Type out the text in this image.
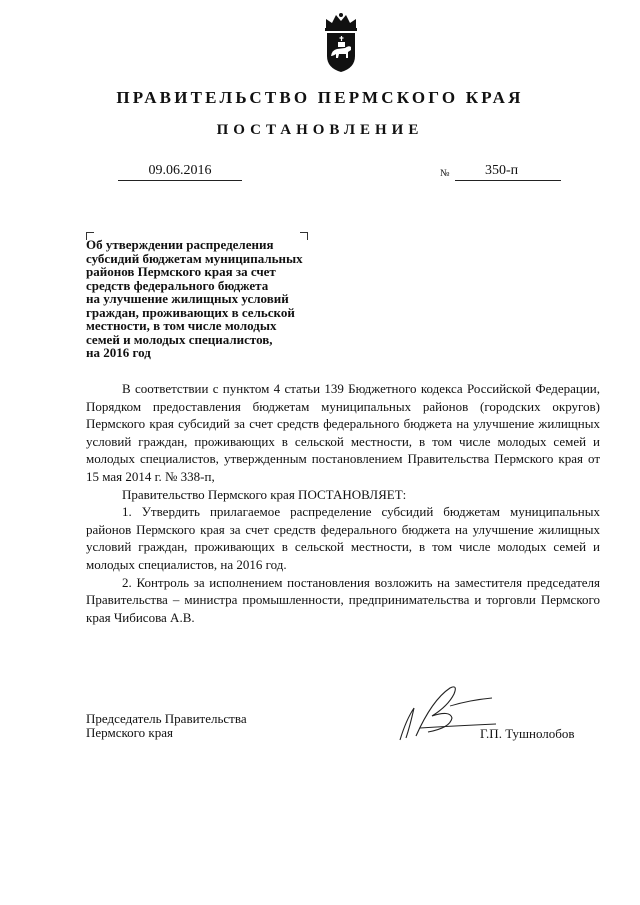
ПРАВИТЕЛЬСТВО ПЕРМСКОГО КРАЯ
ПОСТАНОВЛЕНИЕ
09.06.2016	№	350-п
Об утверждении распределения
субсидий бюджетам муниципальных
районов Пермского края за счет
средств федерального бюджета
на улучшение жилищных условий
граждан, проживающих в сельской
местности, в том числе молодых
семей и молодых специалистов,
на 2016 год

В соответствии с пунктом 4 статьи 139 Бюджетного кодекса Российской Федерации, Порядком предоставления бюджетам муниципальных районов (городских округов) Пермского края субсидий за счет средств федерального бюджета на улучшение жилищных условий граждан, проживающих в сельской местности, в том числе молодых семей и молодых специалистов, утвержденным постановлением Правительства Пермского края от 15 мая 2014 г. № 338-п,

Правительство Пермского края ПОСТАНОВЛЯЕТ:

1. Утвердить прилагаемое распределение субсидий бюджетам муниципальных районов Пермского края за счет средств федерального бюджета на улучшение жилищных условий граждан, проживающих в сельской местности, в том числе молодых семей и молодых специалистов, на 2016 год.

2. Контроль за исполнением постановления возложить на заместителя председателя Правительства – министра промышленности, предпринимательства и торговли Пермского края Чибисова А.В.

Председатель Правительства
Пермского края	Г.П. Тушнолобов
